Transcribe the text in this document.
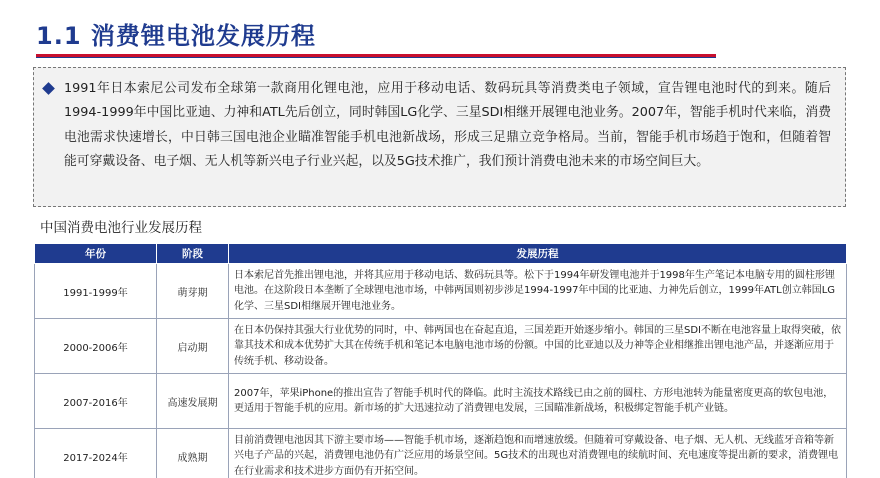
1.1 消费锂电池发展历程

1991年日本索尼公司发布全球第一款商用化锂电池，应用于移动电话、数码玩具等消费类电子领域，宣告锂电池时代的到来。随后1994-1999年中国比亚迪、力神和ATL先后创立，同时韩国LG化学、三星SDI相继开展锂电池业务。2007年，智能手机时代来临，消费电池需求快速增长，中日韩三国电池企业瞄准智能手机电池新战场，形成三足鼎立竞争格局。当前，智能手机市场趋于饱和，但随着智能可穿戴设备、电子烟、无人机等新兴电子行业兴起，以及5G技术推广，我们预计消费电池未来的市场空间巨大。

中国消费电池行业发展历程
年份	阶段	发展历程
1991-1999年	萌芽期	日本索尼首先推出锂电池，并将其应用于移动电话、数码玩具等。松下于1994年研发锂电池并于1998年生产笔记本电脑专用的圆柱形锂电池。在这阶段日本垄断了全球锂电池市场，中韩两国则初步涉足1994-1997年中国的比亚迪、力神先后创立，1999年ATL创立韩国LG化学、三星SDI相继展开锂电池业务。
2000-2006年	启动期	在日本仍保持其强大行业优势的同时，中、韩两国也在奋起直追，三国差距开始逐步缩小。韩国的三星SDI不断在电池容量上取得突破，依靠其技术和成本优势扩大其在传统手机和笔记本电脑电池市场的份额。中国的比亚迪以及力神等企业相继推出锂电池产品，并逐渐应用于传统手机、移动设备。
2007-2016年	高速发展期	2007年，苹果iPhone的推出宣告了智能手机时代的降临。此时主流技术路线已由之前的圆柱、方形电池转为能量密度更高的软包电池，更适用于智能手机的应用。新市场的扩大迅速拉动了消费锂电发展，三国瞄准新战场，积极绑定智能手机产业链。
2017-2024年	成熟期	目前消费锂电池因其下游主要市场——智能手机市场，逐渐趋饱和而增速放缓。但随着可穿戴设备、电子烟、无人机、无线蓝牙音箱等新兴电子产品的兴起，消费锂电池仍有广泛应用的场景空间。5G技术的出现也对消费锂电的续航时间、充电速度等提出新的要求，消费锂电在行业需求和技术进步方面仍有开拓空间。
